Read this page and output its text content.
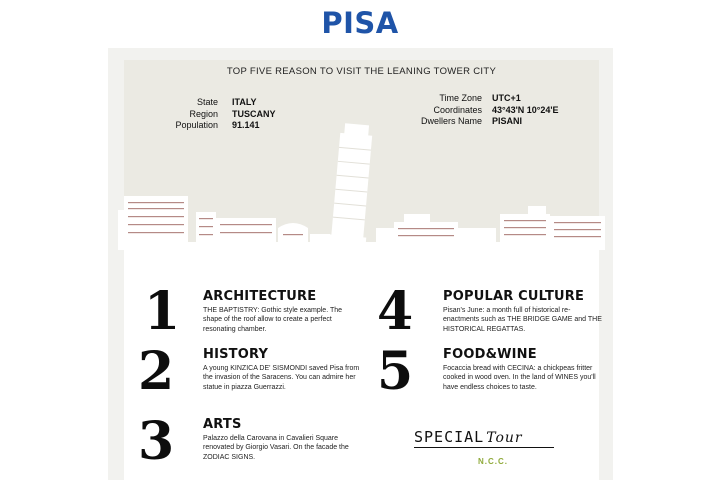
PISA
TOP FIVE REASON TO VISIT THE LEANING TOWER CITY
State ITALY
Region TUSCANY
Population 91.141
Time Zone UTC+1
Coordinates 43°43'N 10°24'E
Dwellers Name PISANI
1 ARCHITECTURE
THE BAPTISTRY: Gothic style example. The shape of the roof allow to create a perfect resonating chamber.
2 HISTORY
A young KINZICA DE' SISMONDI saved Pisa from the invasion of the Saracens. You can admire her statue in piazza Guerrazzi.
3 ARTS
Palazzo della Carovana in Cavalieri Square renovated by Giorgio Vasari. On the facade the ZODIAC SIGNS.
4 POPULAR CULTURE
Pisan's June: a month full of historical re-enactments such as THE BRIDGE GAME and THE HISTORICAL REGATTAS.
5 FOOD&WINE
Focaccia bread with CECINA: a chickpeas fritter cooked in wood oven. In the land of WINES you'll have endless choices to taste.
SPECIAL Tour
N.C.C.
